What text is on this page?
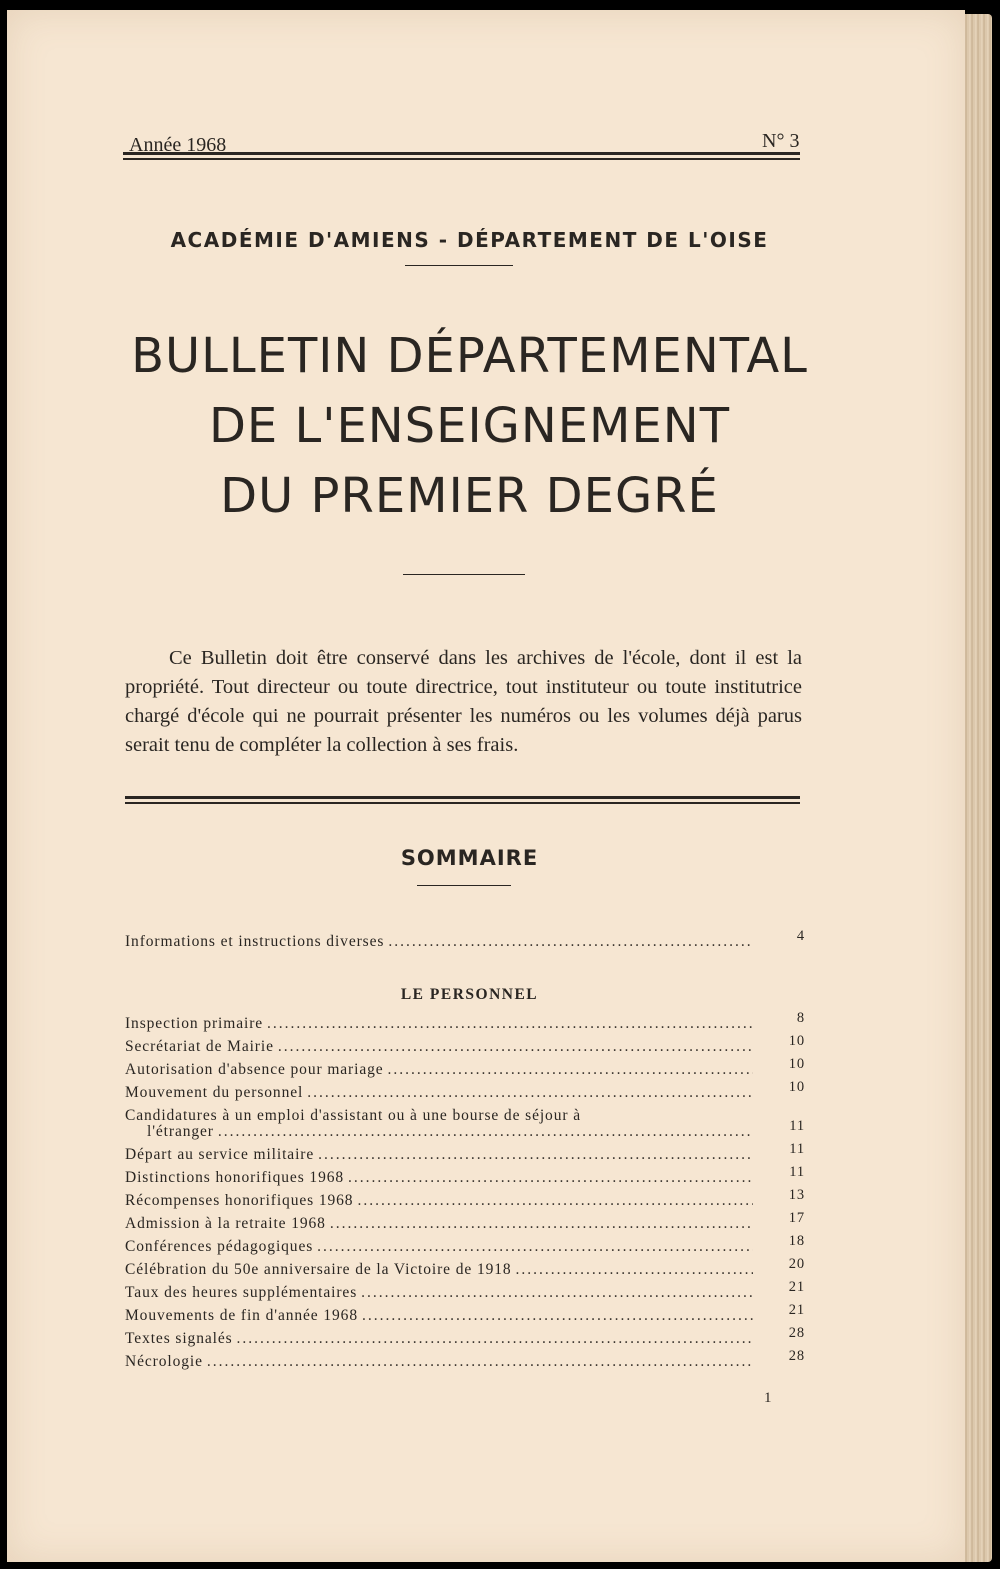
Année 1968	N° 3
ACADÉMIE D'AMIENS - DÉPARTEMENT DE L'OISE
BULLETIN DÉPARTEMENTAL
DE L'ENSEIGNEMENT
DU PREMIER DEGRÉ

Ce Bulletin doit être conservé dans les archives de l'école, dont il est la propriété. Tout directeur ou toute directrice, tout instituteur ou toute institutrice chargé d'école qui ne pourrait présenter les numéros ou les volumes déjà parus serait tenu de compléter la collection à ses frais.

SOMMAIRE
Informations et instructions diverses .....	4
LE PERSONNEL
Inspection primaire .....	8
Secrétariat de Mairie .....	10
Autorisation d'absence pour mariage .....	10
Mouvement du personnel .....	10
Candidatures à un emploi d'assistant ou à une bourse de séjour à
l'étranger .....	11
Départ au service militaire .....	11
Distinctions honorifiques 1968 .....	11
Récompenses honorifiques 1968 .....	13
Admission à la retraite 1968 .....	17
Conférences pédagogiques .....	18
Célébration du 50e anniversaire de la Victoire de 1918 .....	20
Taux des heures supplémentaires .....	21
Mouvements de fin d'année 1968 .....	21
Textes signalés .....	28
Nécrologie .....	28
1
